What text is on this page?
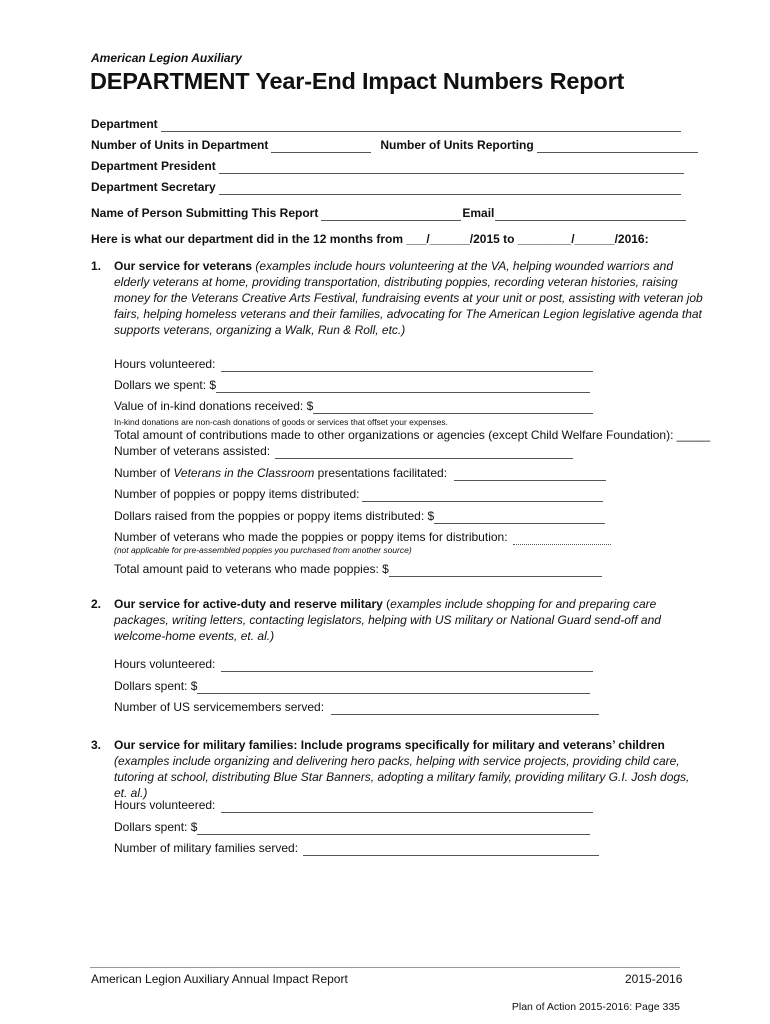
American Legion Auxiliary
DEPARTMENT Year-End Impact Numbers Report
Department
Number of Units in Department	Number of Units Reporting
Department President
Department Secretary
Name of Person Submitting This Report	Email
Here is what our department did in the 12 months from ___/______/2015 to ________/______/2016:
1. Our service for veterans (examples include hours volunteering at the VA, helping wounded warriors and elderly veterans at home, providing transportation, distributing poppies, recording veteran histories, raising money for the Veterans Creative Arts Festival, fundraising events at your unit or post, assisting with veteran job fairs, helping homeless veterans and their families, advocating for The American Legion legislative agenda that supports veterans, organizing a Walk, Run & Roll, etc.)
Hours volunteered:
Dollars we spent: $
Value of in-kind donations received: $
In-kind donations are non-cash donations of goods or services that offset your expenses.
Total amount of contributions made to other organizations or agencies (except Child Welfare Foundation): _____
Number of veterans assisted:
Number of Veterans in the Classroom presentations facilitated:
Number of poppies or poppy items distributed:
Dollars raised from the poppies or poppy items distributed: $
Number of veterans who made the poppies or poppy items for distribution:
(not applicable for pre-assembled poppies you purchased from another source)
Total amount paid to veterans who made poppies: $
2. Our service for active-duty and reserve military (examples include shopping for and preparing care packages, writing letters, contacting legislators, helping with US military or National Guard send-off and welcome-home events, et. al.)
Hours volunteered:
Dollars spent: $
Number of US servicemembers served:
3. Our service for military families: Include programs specifically for military and veterans’ children (examples include organizing and delivering hero packs, helping with service projects, providing child care, tutoring at school, distributing Blue Star Banners, adopting a military family, providing military G.I. Josh dogs, et. al.)
Hours volunteered:
Dollars spent: $
Number of military families served:
American Legion Auxiliary Annual Impact Report	2015-2016
Plan of Action 2015-2016: Page 335
